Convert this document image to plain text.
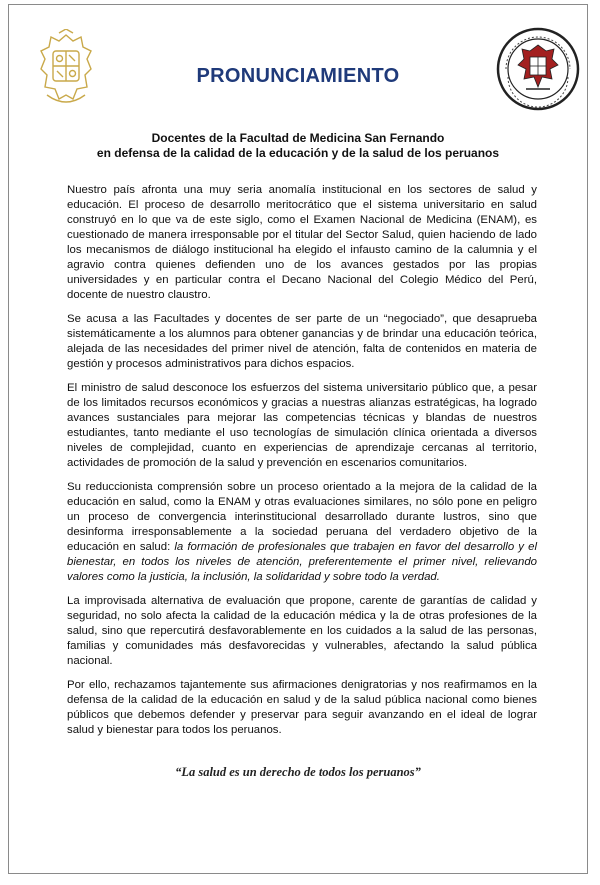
PRONUNCIAMIENTO
Docentes de la Facultad de Medicina San Fernando
en defensa de la calidad de la educación y de la salud de los peruanos

Nuestro país afronta una muy seria anomalía institucional en los sectores de salud y educación. El proceso de desarrollo meritocrático que el sistema universitario en salud construyó en lo que va de este siglo, como el Examen Nacional de Medicina (ENAM), es cuestionado de manera irresponsable por el titular del Sector Salud, quien haciendo de lado los mecanismos de diálogo institucional ha elegido el infausto camino de la calumnia y el agravio contra quienes defienden uno de los avances gestados por las propias universidades y en particular contra el Decano Nacional del Colegio Médico del Perú, docente de nuestro claustro.

Se acusa a las Facultades y docentes de ser parte de un “negociado”, que desaprueba sistemáticamente a los alumnos para obtener ganancias y de brindar una educación teórica, alejada de las necesidades del primer nivel de atención, falta de contenidos en materia de gestión y procesos administrativos para dichos espacios.

El ministro de salud desconoce los esfuerzos del sistema universitario público que, a pesar de los limitados recursos económicos y gracias a nuestras alianzas estratégicas, ha logrado avances sustanciales para mejorar las competencias técnicas y blandas de nuestros estudiantes, tanto mediante el uso tecnologías de simulación clínica orientada a diversos niveles de complejidad, cuanto en experiencias de aprendizaje cercanas al territorio, actividades de promoción de la salud y prevención en escenarios comunitarios.

Su reduccionista comprensión sobre un proceso orientado a la mejora de la calidad de la educación en salud, como la ENAM y otras evaluaciones similares, no sólo pone en peligro un proceso de convergencia interinstitucional desarrollado durante lustros, sino que desinforma irresponsablemente a la sociedad peruana del verdadero objetivo de la educación en salud: la formación de profesionales que trabajen en favor del desarrollo y el bienestar, en todos los niveles de atención, preferentemente el primer nivel, relievando valores como la justicia, la inclusión, la solidaridad y sobre todo la verdad.

La improvisada alternativa de evaluación que propone, carente de garantías de calidad y seguridad, no solo afecta la calidad de la educación médica y la de otras profesiones de la salud, sino que repercutirá desfavorablemente en los cuidados a la salud de las personas, familias y comunidades más desfavorecidas y vulnerables, afectando la salud pública nacional.

Por ello, rechazamos tajantemente sus afirmaciones denigratorias y nos reafirmamos en la defensa de la calidad de la educación en salud y de la salud pública nacional como bienes públicos que debemos defender y preservar para seguir avanzando en el ideal de lograr salud y bienestar para todos los peruanos.

“La salud es un derecho de todos los peruanos”
